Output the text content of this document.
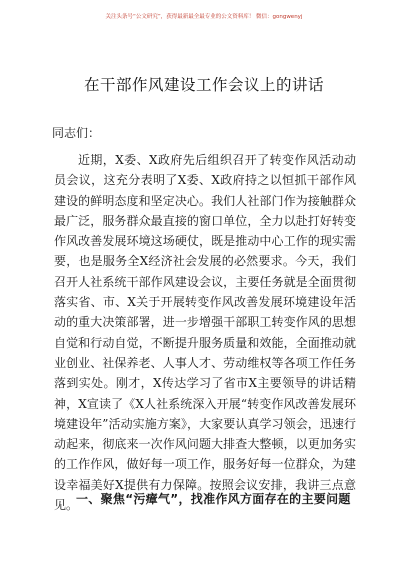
关注头条号“公文研究”，获得最新最全最专业的公文资料库！ 微信：gongwenyj
在干部作风建设工作会议上的讲话
同志们：

近期，X委、X政府先后组织召开了转变作风活动动员会议，这充分表明了X委、X政府持之以恒抓干部作风建设的鲜明态度和坚定决心。我们人社部门作为接触群众最广泛，服务群众最直接的窗口单位，全力以赴打好转变作风改善发展环境这场硬仗，既是推动中心工作的现实需要，也是服务全X经济社会发展的必然要求。今天，我们召开人社系统干部作风建设会议，主要任务就是全面贯彻落实省、市、X关于开展转变作风改善发展环境建设年活动的重大决策部署，进一步增强干部职工转变作风的思想自觉和行动自觉，不断提升服务质量和效能，全面推动就业创业、社保养老、人事人才、劳动维权等各项工作任务落到实处。刚才，X传达学习了省市X主要领导的讲话精神，X宣读了《X人社系统深入开展“转变作风改善发展环境建设年”活动实施方案》，大家要认真学习领会，迅速行动起来，彻底来一次作风问题大排查大整顿，以更加务实的工作作风，做好每一项工作，服务好每一位群众，为建设幸福美好X提供有力保障。按照会议安排，我讲三点意见。

一、聚焦“污瘴气”，找准作风方面存在的主要问题
